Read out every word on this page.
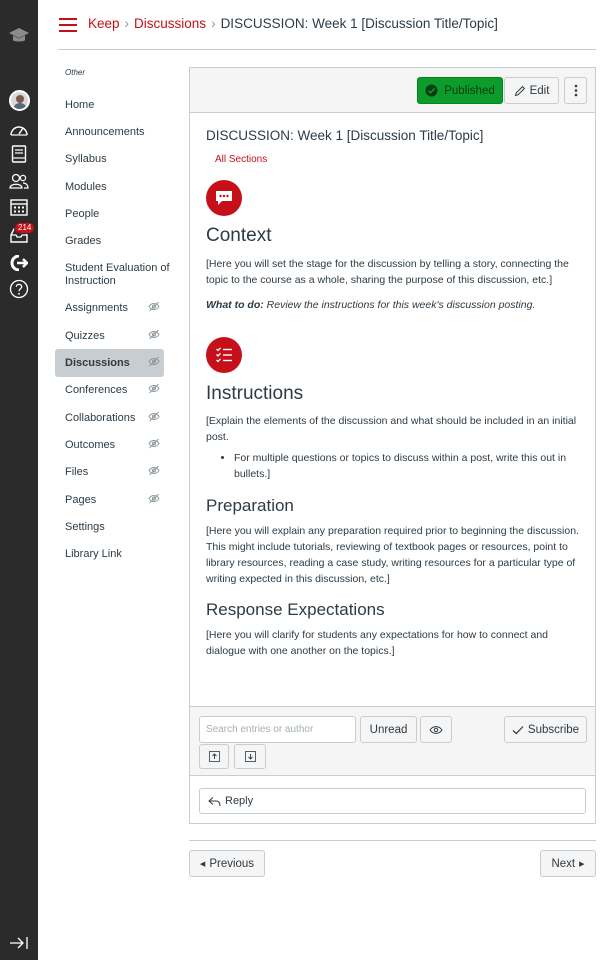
214
Keep › Discussions › DISCUSSION: Week 1 [Discussion Title/Topic]
Other
Home
Announcements
Syllabus
Modules
People
Grades
Student Evaluation of Instruction
Assignments
Quizzes
Discussions
Conferences
Collaborations
Outcomes
Files
Pages
Settings
Library Link
Published	Edit
DISCUSSION: Week 1 [Discussion Title/Topic]
All Sections
Context

[Here you will set the stage for the discussion by telling a story, connecting the topic to the course as a whole, sharing the purpose of this discussion, etc.]

What to do: Review the instructions for this week's discussion posting.

Instructions

[Explain the elements of the discussion and what should be included in an initial post.

• For multiple questions or topics to discuss within a post, write this out in bullets.]
Preparation

[Here you will explain any preparation required prior to beginning the discussion. This might include tutorials, reviewing of textbook pages or resources, point to library resources, reading a case study, writing resources for a particular type of writing expected in this discussion, etc.]

Response Expectations

[Here you will clarify for students any expectations for how to connect and dialogue with one another on the topics.]

Search entries or author
Unread	Subscribe
Reply
◀ Previous	Next ▶
